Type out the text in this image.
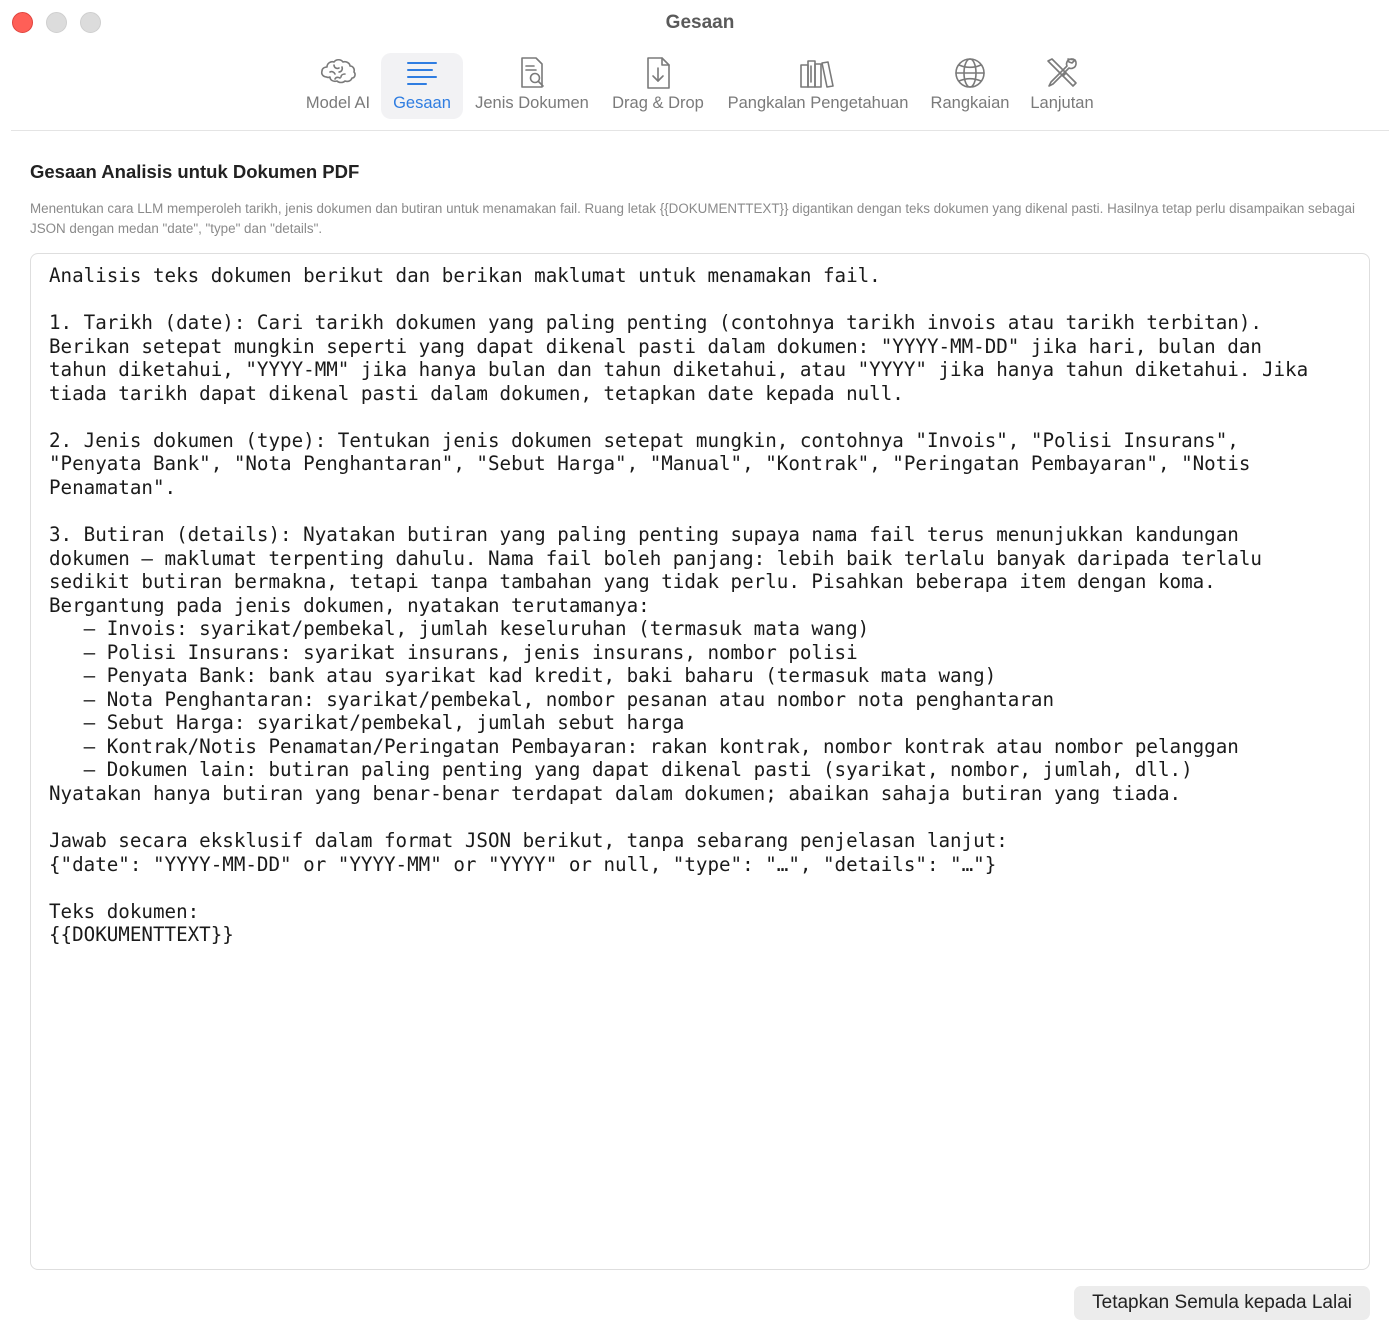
Gesaan
Model AI Gesaan Jenis Dokumen Drag & Drop Pangkalan Pengetahuan Rangkaian Lanjutan
Gesaan Analisis untuk Dokumen PDF
Menentukan cara LLM memperoleh tarikh, jenis dokumen dan butiran untuk menamakan fail. Ruang letak {{DOKUMENTTEXT}} digantikan dengan teks dokumen yang dikenal pasti. Hasilnya tetap perlu disampaikan sebagai JSON dengan medan "date", "type" dan "details".
Analisis teks dokumen berikut dan berikan maklumat untuk menamakan fail.

1. Tarikh (date): Cari tarikh dokumen yang paling penting (contohnya tarikh invois atau tarikh terbitan).
Berikan setepat mungkin seperti yang dapat dikenal pasti dalam dokumen: "YYYY-MM-DD" jika hari, bulan dan
tahun diketahui, "YYYY-MM" jika hanya bulan dan tahun diketahui, atau "YYYY" jika hanya tahun diketahui. Jika
tiada tarikh dapat dikenal pasti dalam dokumen, tetapkan date kepada null.

2. Jenis dokumen (type): Tentukan jenis dokumen setepat mungkin, contohnya "Invois", "Polisi Insurans",
"Penyata Bank", "Nota Penghantaran", "Sebut Harga", "Manual", "Kontrak", "Peringatan Pembayaran", "Notis
Penamatan".

3. Butiran (details): Nyatakan butiran yang paling penting supaya nama fail terus menunjukkan kandungan
dokumen – maklumat terpenting dahulu. Nama fail boleh panjang: lebih baik terlalu banyak daripada terlalu
sedikit butiran bermakna, tetapi tanpa tambahan yang tidak perlu. Pisahkan beberapa item dengan koma.
Bergantung pada jenis dokumen, nyatakan terutamanya:
– Invois: syarikat/pembekal, jumlah keseluruhan (termasuk mata wang)
– Polisi Insurans: syarikat insurans, jenis insurans, nombor polisi
– Penyata Bank: bank atau syarikat kad kredit, baki baharu (termasuk mata wang)
– Nota Penghantaran: syarikat/pembekal, nombor pesanan atau nombor nota penghantaran
– Sebut Harga: syarikat/pembekal, jumlah sebut harga
– Kontrak/Notis Penamatan/Peringatan Pembayaran: rakan kontrak, nombor kontrak atau nombor pelanggan
– Dokumen lain: butiran paling penting yang dapat dikenal pasti (syarikat, nombor, jumlah, dll.)
Nyatakan hanya butiran yang benar-benar terdapat dalam dokumen; abaikan sahaja butiran yang tiada.

Jawab secara eksklusif dalam format JSON berikut, tanpa sebarang penjelasan lanjut:
{"date": "YYYY-MM-DD" or "YYYY-MM" or "YYYY" or null, "type": "…", "details": "…"}

Teks dokumen:
{{DOKUMENTTEXT}}
Tetapkan Semula kepada Lalai
